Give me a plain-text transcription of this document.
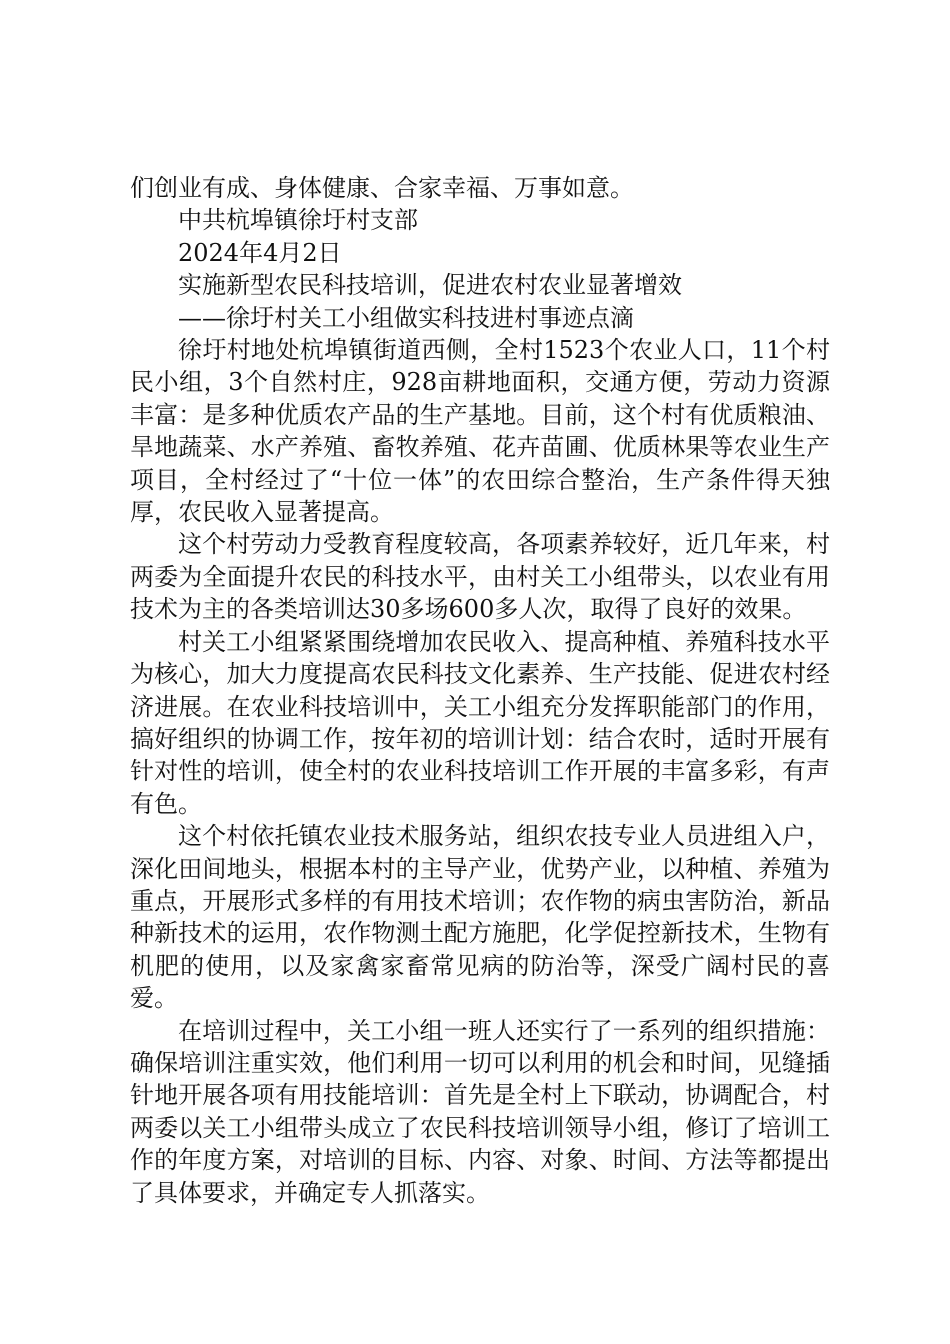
们创业有成、身体健康、合家幸福、万事如意。

中共杭埠镇徐圩村支部

2024年4月2日

实施新型农民科技培训，促进农村农业显著增效

——徐圩村关工小组做实科技进村事迹点滴

徐圩村地处杭埠镇街道西侧，全村1523个农业人口，11个村民小组，3个自然村庄，928亩耕地面积，交通方便，劳动力资源丰富：是多种优质农产品的生产基地。目前，这个村有优质粮油、旱地蔬菜、水产养殖、畜牧养殖、花卉苗圃、优质林果等农业生产项目，全村经过了“十位一体”的农田综合整治，生产条件得天独厚，农民收入显著提高。

这个村劳动力受教育程度较高，各项素养较好，近几年来，村两委为全面提升农民的科技水平，由村关工小组带头，以农业有用技术为主的各类培训达30多场600多人次，取得了良好的效果。

村关工小组紧紧围绕增加农民收入、提高种植、养殖科技水平为核心，加大力度提高农民科技文化素养、生产技能、促进农村经济进展。在农业科技培训中，关工小组充分发挥职能部门的作用，搞好组织的协调工作，按年初的培训计划：结合农时，适时开展有针对性的培训，使全村的农业科技培训工作开展的丰富多彩，有声有色。

这个村依托镇农业技术服务站，组织农技专业人员进组入户，深化田间地头，根据本村的主导产业，优势产业，以种植、养殖为重点，开展形式多样的有用技术培训；农作物的病虫害防治，新品种新技术的运用，农作物测土配方施肥，化学促控新技术，生物有机肥的使用，以及家禽家畜常见病的防治等，深受广阔村民的喜爱。

在培训过程中，关工小组一班人还实行了一系列的组织措施：确保培训注重实效，他们利用一切可以利用的机会和时间，见缝插针地开展各项有用技能培训：首先是全村上下联动，协调配合，村两委以关工小组带头成立了农民科技培训领导小组，修订了培训工作的年度方案，对培训的目标、内容、对象、时间、方法等都提出了具体要求，并确定专人抓落实。
